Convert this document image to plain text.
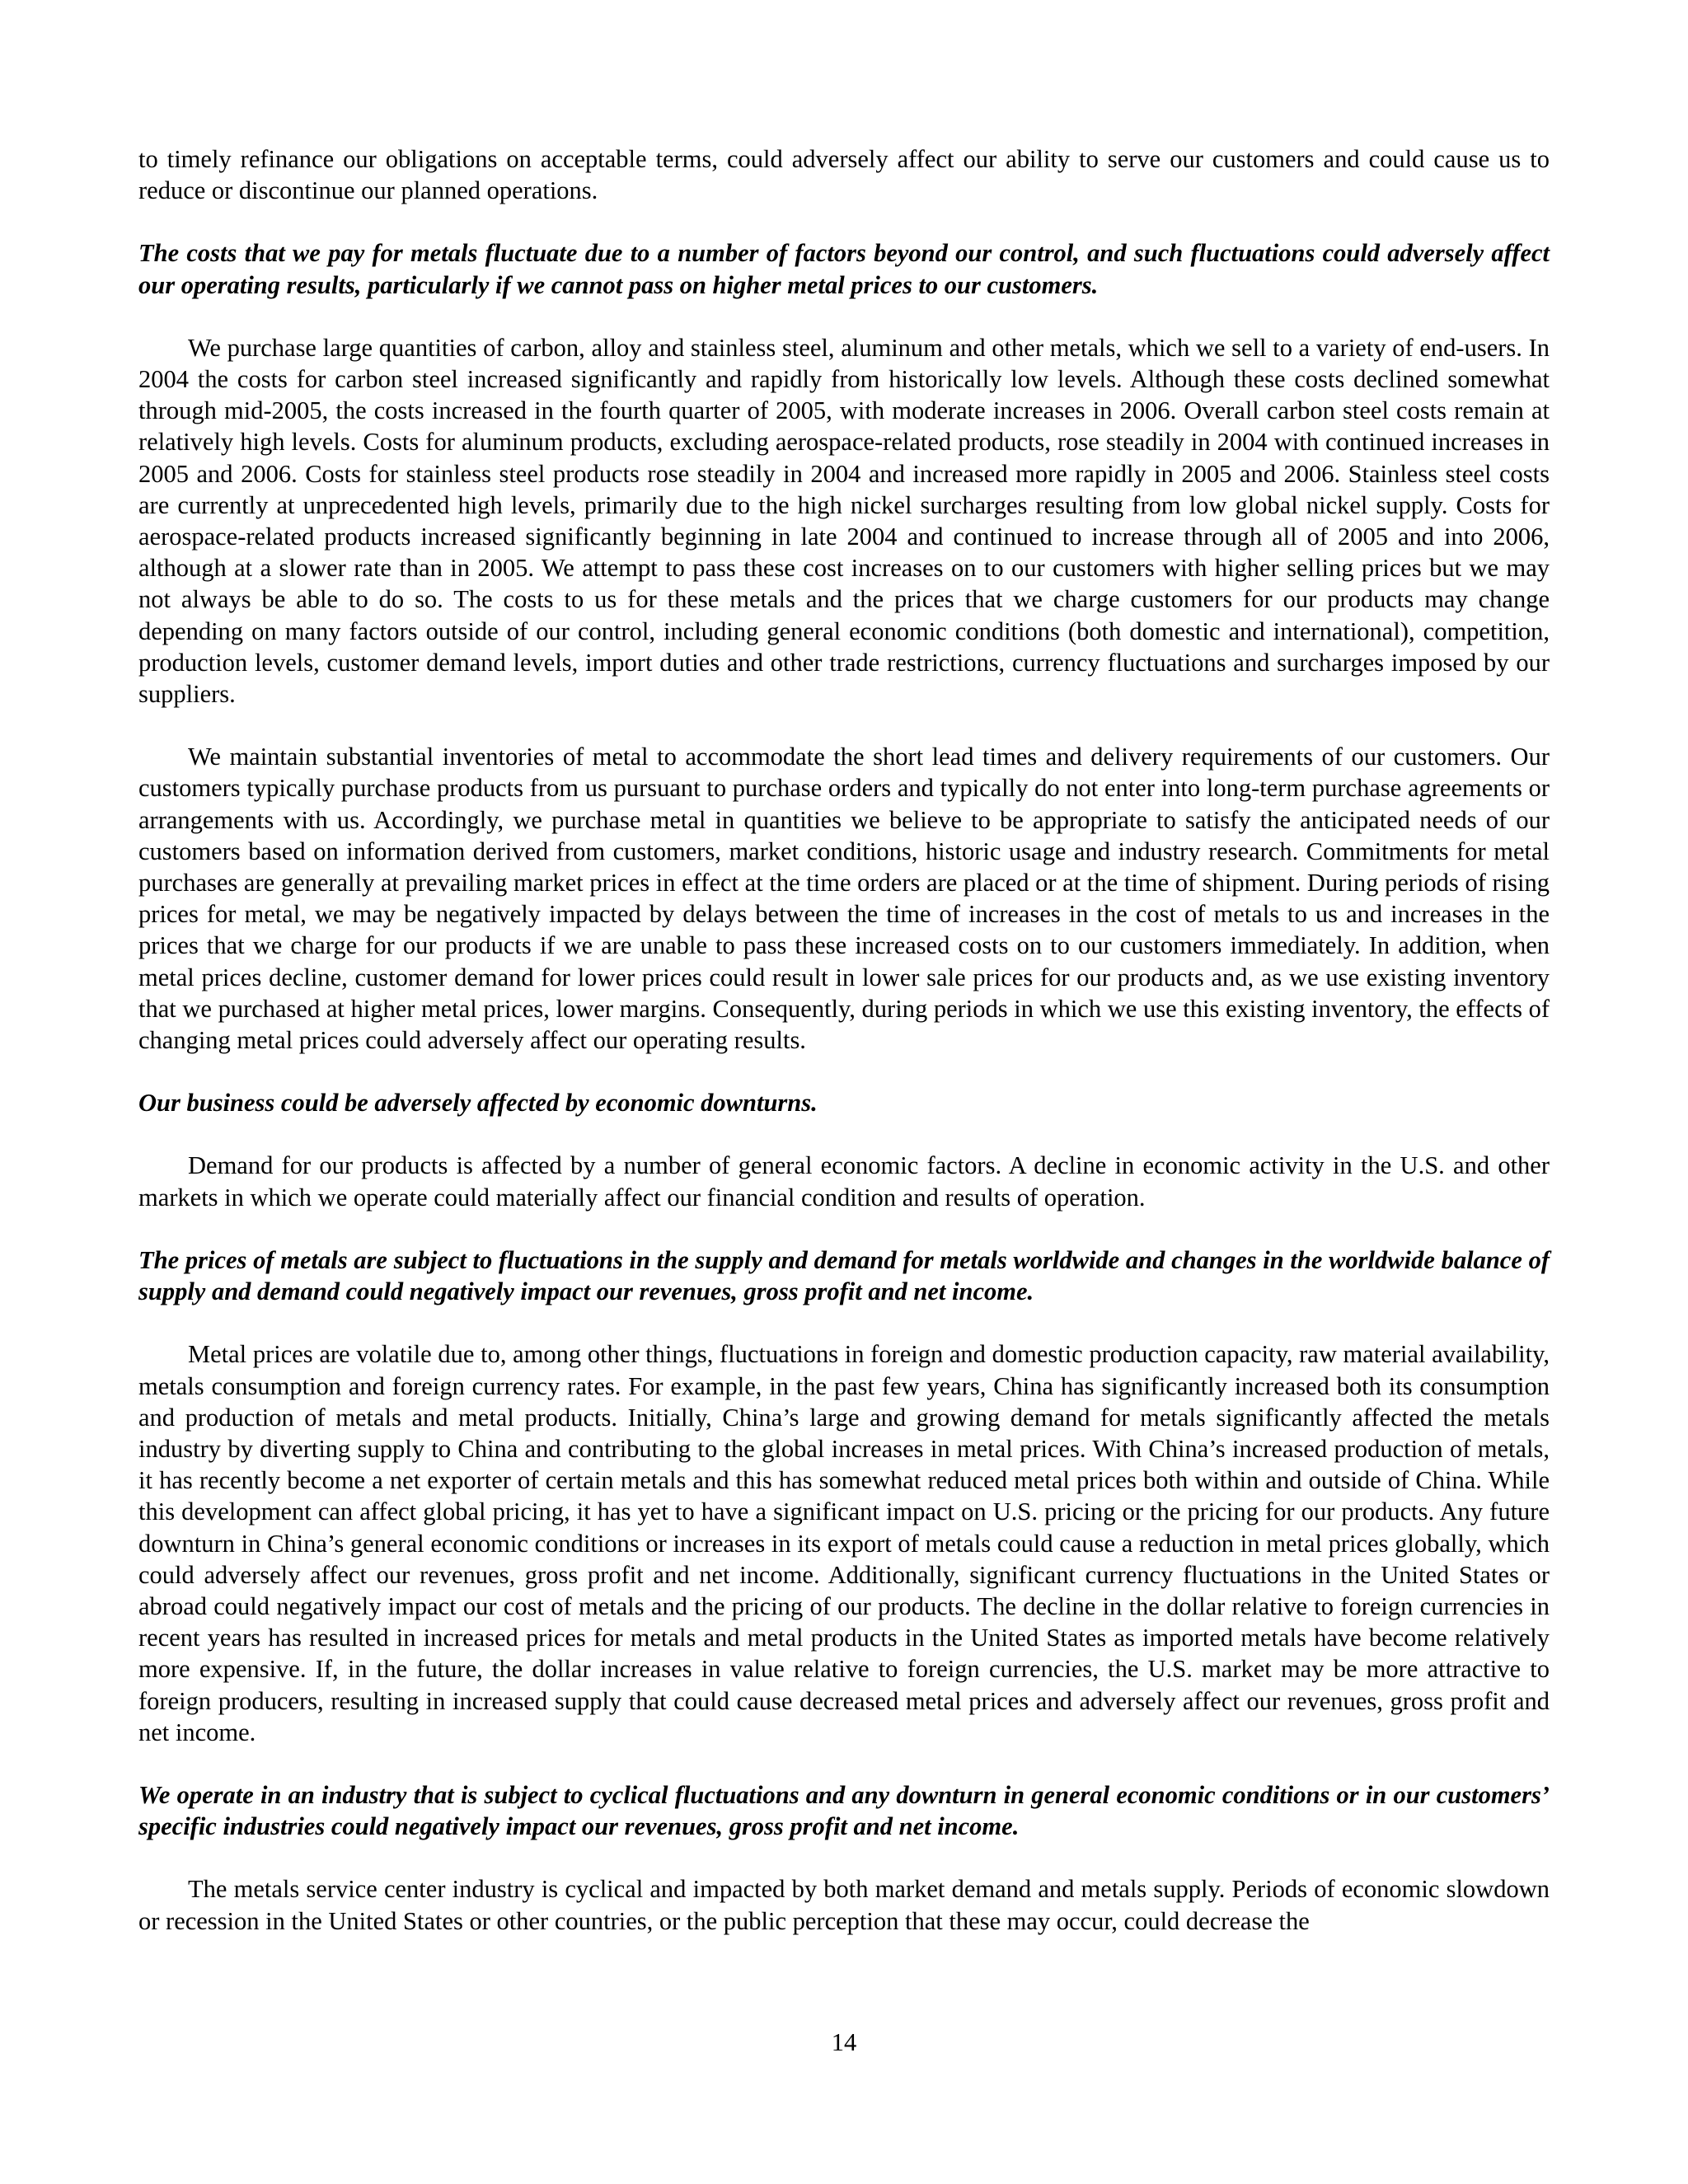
to timely refinance our obligations on acceptable terms, could adversely affect our ability to serve our customers and could cause us to reduce or discontinue our planned operations.

The costs that we pay for metals fluctuate due to a number of factors beyond our control, and such fluctuations could adversely affect our operating results, particularly if we cannot pass on higher metal prices to our customers.

We purchase large quantities of carbon, alloy and stainless steel, aluminum and other metals, which we sell to a variety of end-users. In 2004 the costs for carbon steel increased significantly and rapidly from historically low levels. Although these costs declined somewhat through mid-2005, the costs increased in the fourth quarter of 2005, with moderate increases in 2006. Overall carbon steel costs remain at relatively high levels. Costs for aluminum products, excluding aerospace-related products, rose steadily in 2004 with continued increases in 2005 and 2006. Costs for stainless steel products rose steadily in 2004 and increased more rapidly in 2005 and 2006. Stainless steel costs are currently at unprecedented high levels, primarily due to the high nickel surcharges resulting from low global nickel supply. Costs for aerospace-related products increased significantly beginning in late 2004 and continued to increase through all of 2005 and into 2006, although at a slower rate than in 2005. We attempt to pass these cost increases on to our customers with higher selling prices but we may not always be able to do so. The costs to us for these metals and the prices that we charge customers for our products may change depending on many factors outside of our control, including general economic conditions (both domestic and international), competition, production levels, customer demand levels, import duties and other trade restrictions, currency fluctuations and surcharges imposed by our suppliers.

We maintain substantial inventories of metal to accommodate the short lead times and delivery requirements of our customers. Our customers typically purchase products from us pursuant to purchase orders and typically do not enter into long-term purchase agreements or arrangements with us. Accordingly, we purchase metal in quantities we believe to be appropriate to satisfy the anticipated needs of our customers based on information derived from customers, market conditions, historic usage and industry research. Commitments for metal purchases are generally at prevailing market prices in effect at the time orders are placed or at the time of shipment. During periods of rising prices for metal, we may be negatively impacted by delays between the time of increases in the cost of metals to us and increases in the prices that we charge for our products if we are unable to pass these increased costs on to our customers immediately. In addition, when metal prices decline, customer demand for lower prices could result in lower sale prices for our products and, as we use existing inventory that we purchased at higher metal prices, lower margins. Consequently, during periods in which we use this existing inventory, the effects of changing metal prices could adversely affect our operating results.

Our business could be adversely affected by economic downturns.

Demand for our products is affected by a number of general economic factors. A decline in economic activity in the U.S. and other markets in which we operate could materially affect our financial condition and results of operation.

The prices of metals are subject to fluctuations in the supply and demand for metals worldwide and changes in the worldwide balance of supply and demand could negatively impact our revenues, gross profit and net income.

Metal prices are volatile due to, among other things, fluctuations in foreign and domestic production capacity, raw material availability, metals consumption and foreign currency rates. For example, in the past few years, China has significantly increased both its consumption and production of metals and metal products. Initially, China’s large and growing demand for metals significantly affected the metals industry by diverting supply to China and contributing to the global increases in metal prices. With China’s increased production of metals, it has recently become a net exporter of certain metals and this has somewhat reduced metal prices both within and outside of China. While this development can affect global pricing, it has yet to have a significant impact on U.S. pricing or the pricing for our products. Any future downturn in China’s general economic conditions or increases in its export of metals could cause a reduction in metal prices globally, which could adversely affect our revenues, gross profit and net income. Additionally, significant currency fluctuations in the United States or abroad could negatively impact our cost of metals and the pricing of our products. The decline in the dollar relative to foreign currencies in recent years has resulted in increased prices for metals and metal products in the United States as imported metals have become relatively more expensive. If, in the future, the dollar increases in value relative to foreign currencies, the U.S. market may be more attractive to foreign producers, resulting in increased supply that could cause decreased metal prices and adversely affect our revenues, gross profit and net income.

We operate in an industry that is subject to cyclical fluctuations and any downturn in general economic conditions or in our customers’ specific industries could negatively impact our revenues, gross profit and net income.

The metals service center industry is cyclical and impacted by both market demand and metals supply. Periods of economic slowdown or recession in the United States or other countries, or the public perception that these may occur, could decrease the

14
